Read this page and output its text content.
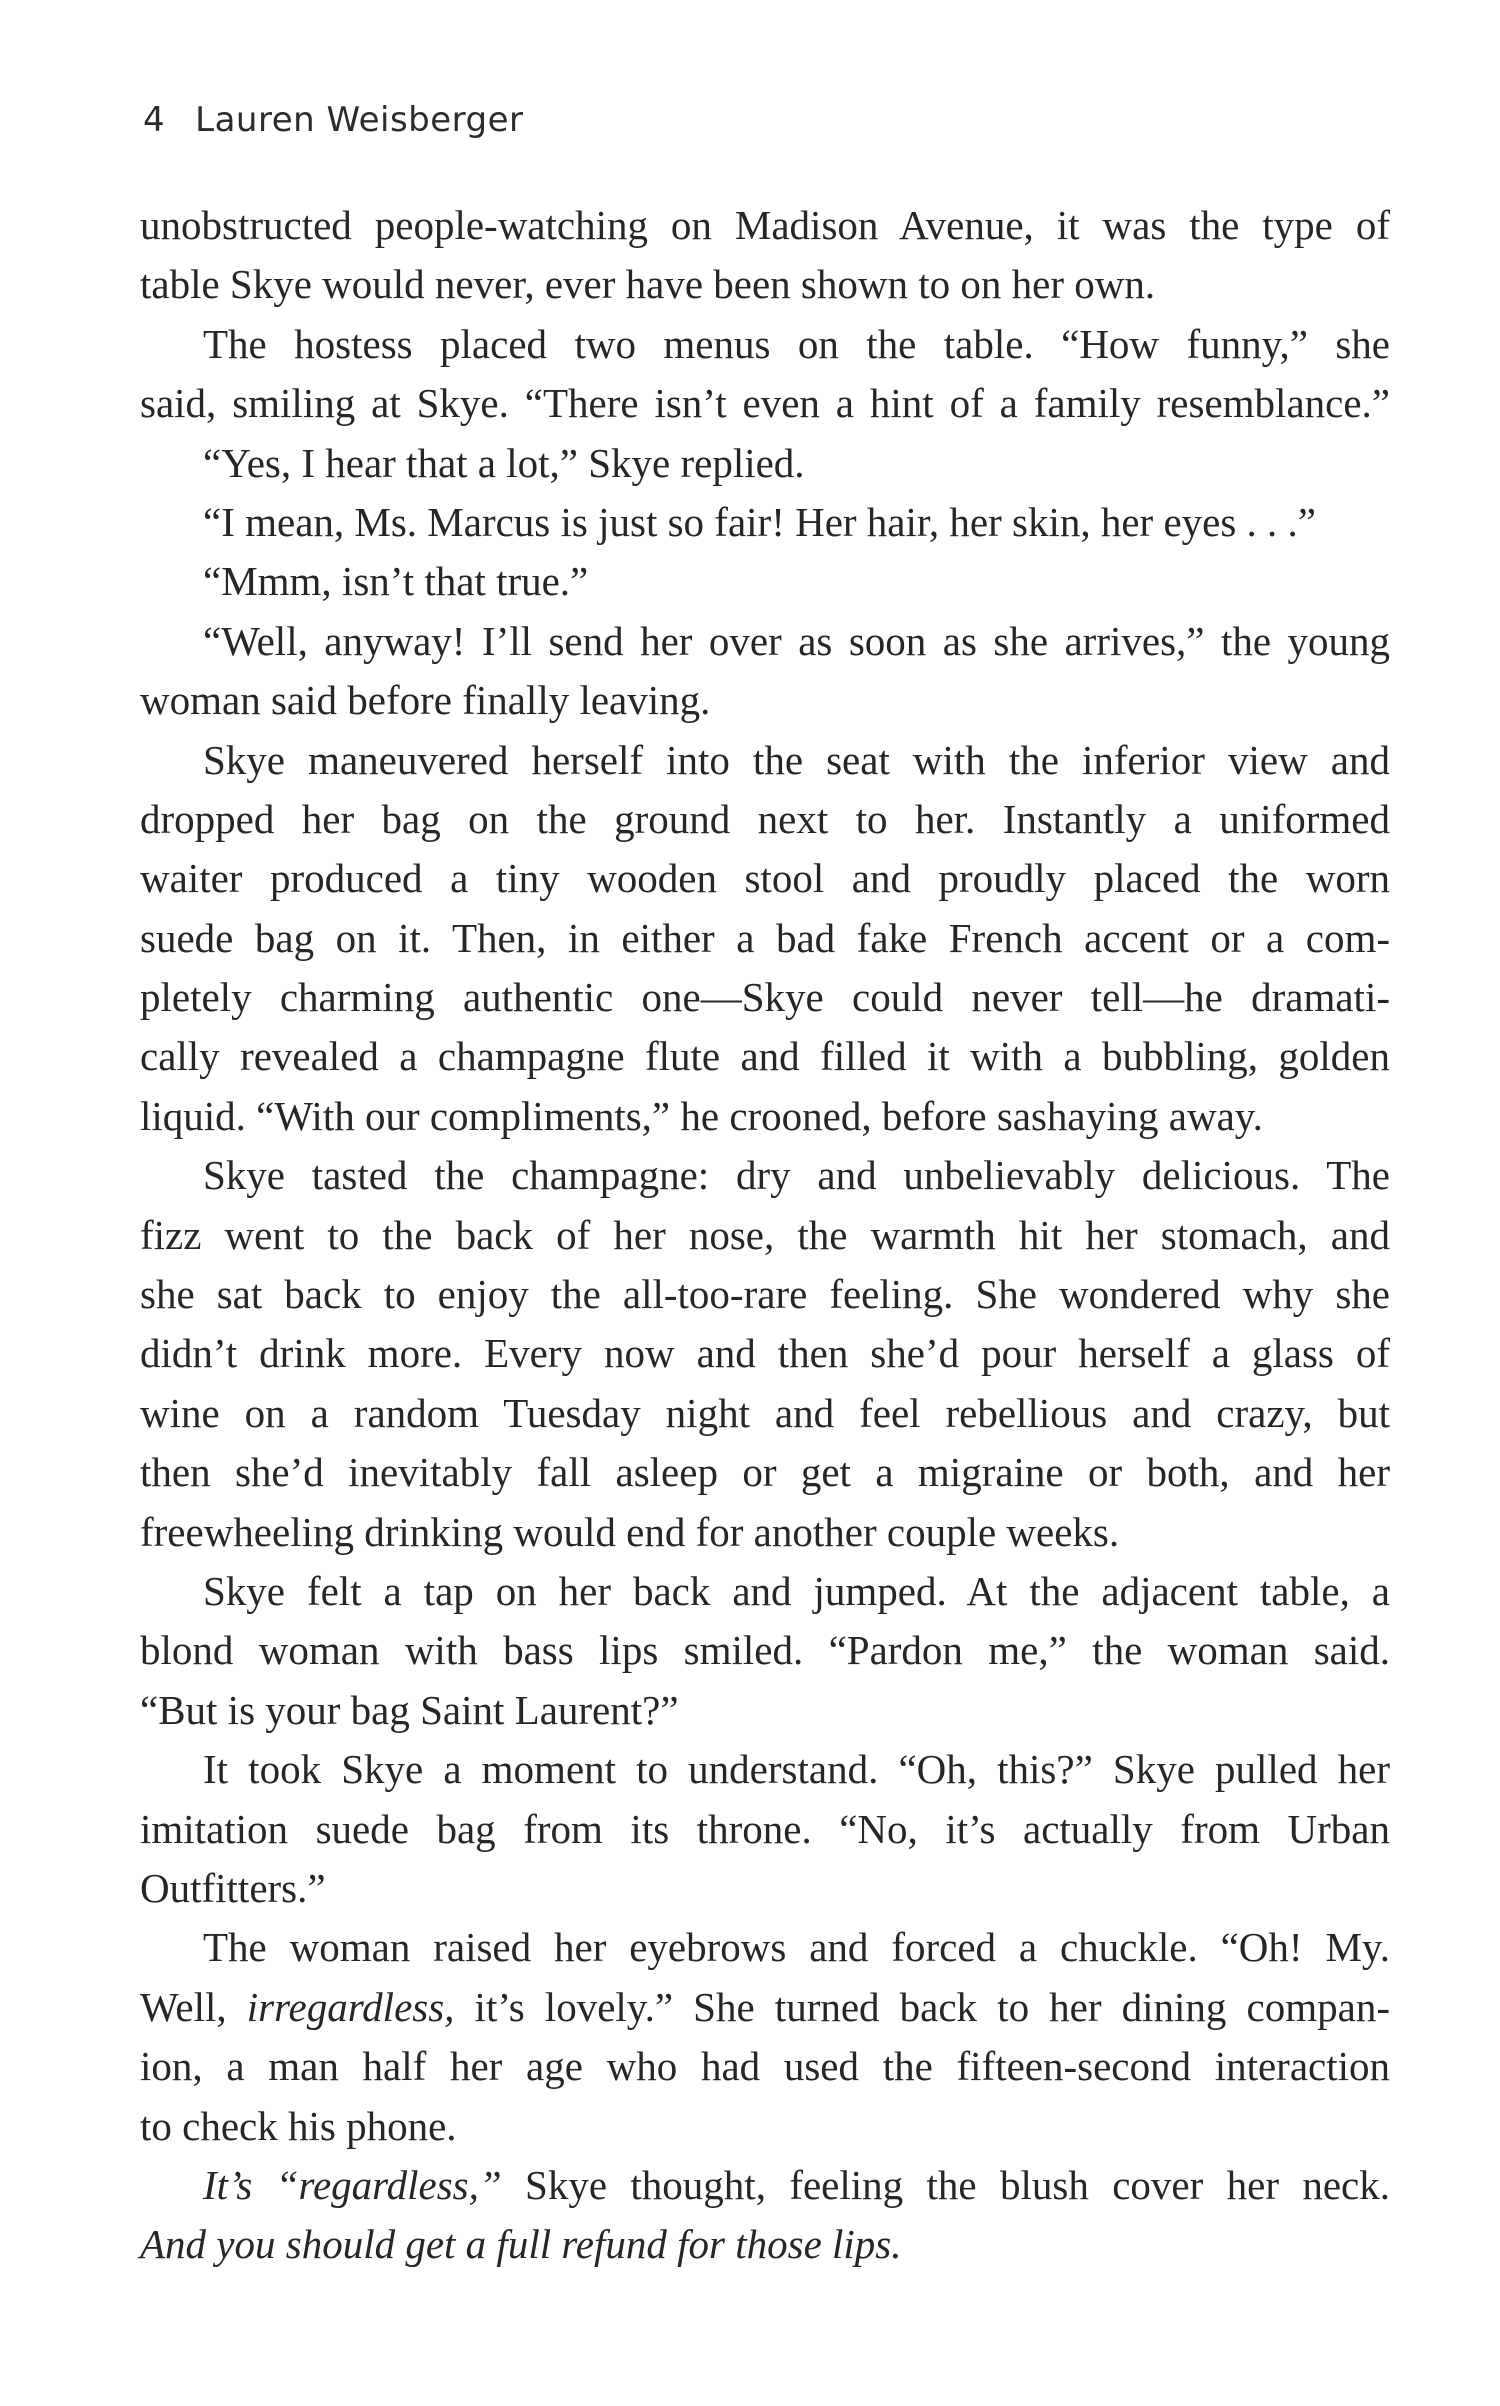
4 Lauren Weisberger
unobstructed people-watching on Madison Avenue, it was the type of
table Skye would never, ever have been shown to on her own.
The hostess placed two menus on the table. “How funny,” she
said, smiling at Skye. “There isn’t even a hint of a family resemblance.”
“Yes, I hear that a lot,” Skye replied.
“I mean, Ms. Marcus is just so fair! Her hair, her skin, her eyes . . .”
“Mmm, isn’t that true.”
“Well, anyway! I’ll send her over as soon as she arrives,” the young
woman said before finally leaving.
Skye maneuvered herself into the seat with the inferior view and
dropped her bag on the ground next to her. Instantly a uniformed
waiter produced a tiny wooden stool and proudly placed the worn
suede bag on it. Then, in either a bad fake French accent or a com-
pletely charming authentic one—Skye could never tell—he dramati-
cally revealed a champagne flute and filled it with a bubbling, golden
liquid. “With our compliments,” he crooned, before sashaying away.
Skye tasted the champagne: dry and unbelievably delicious. The
fizz went to the back of her nose, the warmth hit her stomach, and
she sat back to enjoy the all-too-rare feeling. She wondered why she
didn’t drink more. Every now and then she’d pour herself a glass of
wine on a random Tuesday night and feel rebellious and crazy, but
then she’d inevitably fall asleep or get a migraine or both, and her
freewheeling drinking would end for another couple weeks.
Skye felt a tap on her back and jumped. At the adjacent table, a
blond woman with bass lips smiled. “Pardon me,” the woman said.
“But is your bag Saint Laurent?”
It took Skye a moment to understand. “Oh, this?” Skye pulled her
imitation suede bag from its throne. “No, it’s actually from Urban
Outfitters.”
The woman raised her eyebrows and forced a chuckle. “Oh! My.
Well, irregardless, it’s lovely.” She turned back to her dining compan-
ion, a man half her age who had used the fifteen-second interaction
to check his phone.
It’s “regardless,” Skye thought, feeling the blush cover her neck.
And you should get a full refund for those lips.
